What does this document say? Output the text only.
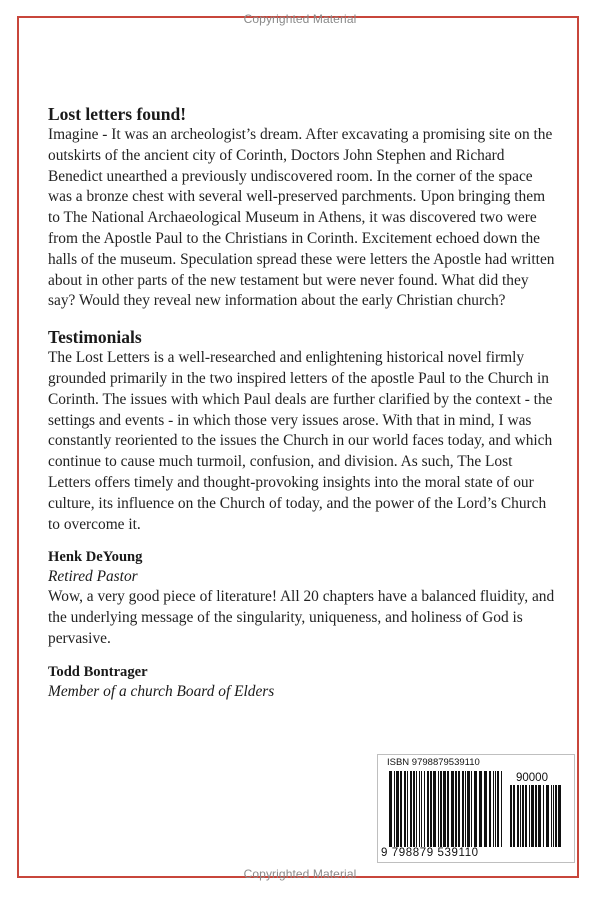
Copyrighted Material
Lost letters found!

Imagine - It was an archeologist’s dream. After excavating a promising site on the outskirts of the ancient city of Corinth, Doctors John Stephen and Richard Benedict unearthed a previously undiscovered room. In the corner of the space was a bronze chest with several well-preserved parchments. Upon bringing them to The National Archaeological Museum in Athens, it was discovered two were from the Apostle Paul to the Christians in Corinth. Excitement echoed down the halls of the museum. Speculation spread these were letters the Apostle had written about in other parts of the new testament but were never found. What did they say? Would they reveal new information about the early Christian church?

Testimonials

The Lost Letters is a well-researched and enlightening historical novel firmly grounded primarily in the two inspired letters of the apostle Paul to the Church in Corinth. The issues with which Paul deals are further clarified by the context - the settings and events - in which those very issues arose. With that in mind, I was constantly reoriented to the issues the Church in our world faces today, and which continue to cause much turmoil, confusion, and division. As such, The Lost Letters offers timely and thought-provoking insights into the moral state of our culture, its influence on the Church of today, and the power of the Lord’s Church to overcome it.

Henk DeYoung
Retired Pastor

Wow, a very good piece of literature! All 20 chapters have a balanced fluidity, and the underlying message of the singularity, uniqueness, and holiness of God is pervasive.

Todd Bontrager
Member of a church Board of Elders
ISBN 9798879539110
90000
9 798879 539110
Copyrighted Material
